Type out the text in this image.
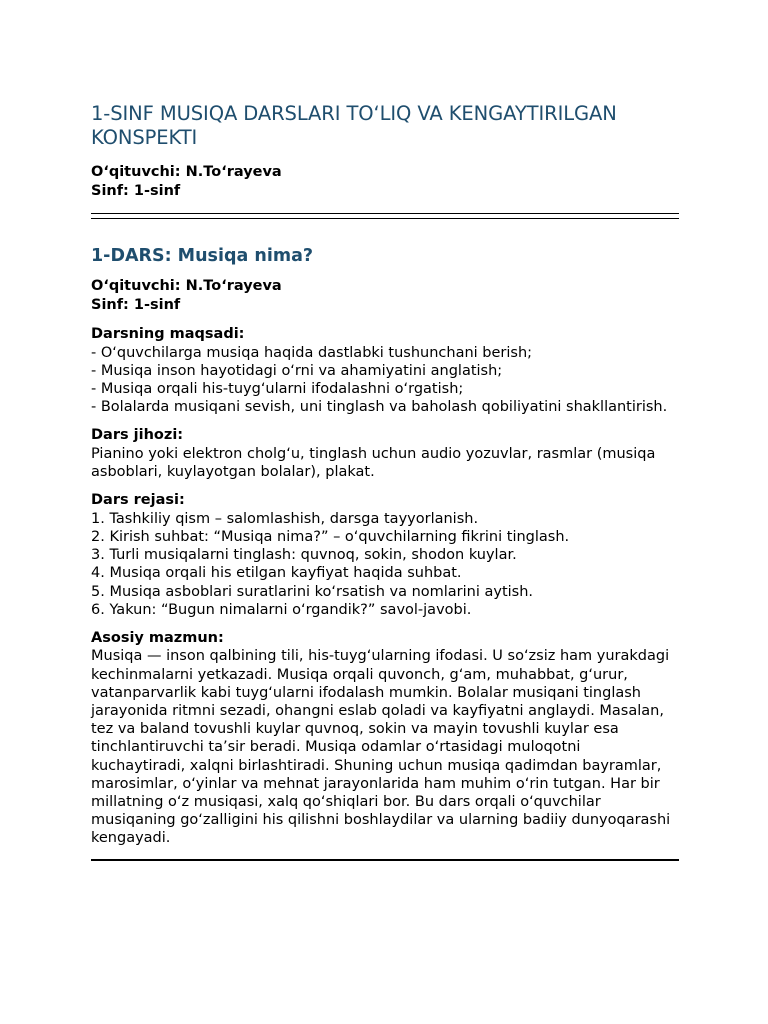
1-SINF MUSIQA DARSLARI TO‘LIQ VA KENGAYTIRILGAN KONSPEKTI
O‘qituvchi: N.To‘rayeva
Sinf: 1-sinf
1-DARS: Musiqa nima?
O‘qituvchi: N.To‘rayeva
Sinf: 1-sinf
Darsning maqsadi:
- O‘quvchilarga musiqa haqida dastlabki tushunchani berish;
- Musiqa inson hayotidagi o‘rni va ahamiyatini anglatish;
- Musiqa orqali his-tuyg‘ularni ifodalashni o‘rgatish;
- Bolalarda musiqani sevish, uni tinglash va baholash qobiliyatini shakllantirish.
Dars jihozi:
Pianino yoki elektron cholg‘u, tinglash uchun audio yozuvlar, rasmlar (musiqa asboblari, kuylayotgan bolalar), plakat.
Dars rejasi:
1. Tashkiliy qism – salomlashish, darsga tayyorlanish.
2. Kirish suhbat: “Musiqa nima?” – o‘quvchilarning fikrini tinglash.
3. Turli musiqalarni tinglash: quvnoq, sokin, shodon kuylar.
4. Musiqa orqali his etilgan kayfiyat haqida suhbat.
5. Musiqa asboblari suratlarini ko‘rsatish va nomlarini aytish.
6. Yakun: “Bugun nimalarni o‘rgandik?” savol-javobi.
Asosiy mazmun:
Musiqa — inson qalbining tili, his-tuyg‘ularning ifodasi. U so‘zsiz ham yurakdagi kechinmalarni yetkazadi. Musiqa orqali quvonch, g‘am, muhabbat, g‘urur, vatanparvarlik kabi tuyg‘ularni ifodalash mumkin. Bolalar musiqani tinglash jarayonida ritmni sezadi, ohangni eslab qoladi va kayfiyatni anglaydi. Masalan, tez va baland tovushli kuylar quvnoq, sokin va mayin tovushli kuylar esa tinchlantiruvchi ta’sir beradi. Musiqa odamlar o‘rtasidagi muloqotni kuchaytiradi, xalqni birlashtiradi. Shuning uchun musiqa qadimdan bayramlar, marosimlar, o‘yinlar va mehnat jarayonlarida ham muhim o‘rin tutgan. Har bir millatning o‘z musiqasi, xalq qo‘shiqlari bor. Bu dars orqali o‘quvchilar musiqaning go‘zalligini his qilishni boshlaydilar va ularning badiiy dunyoqarashi kengayadi.
